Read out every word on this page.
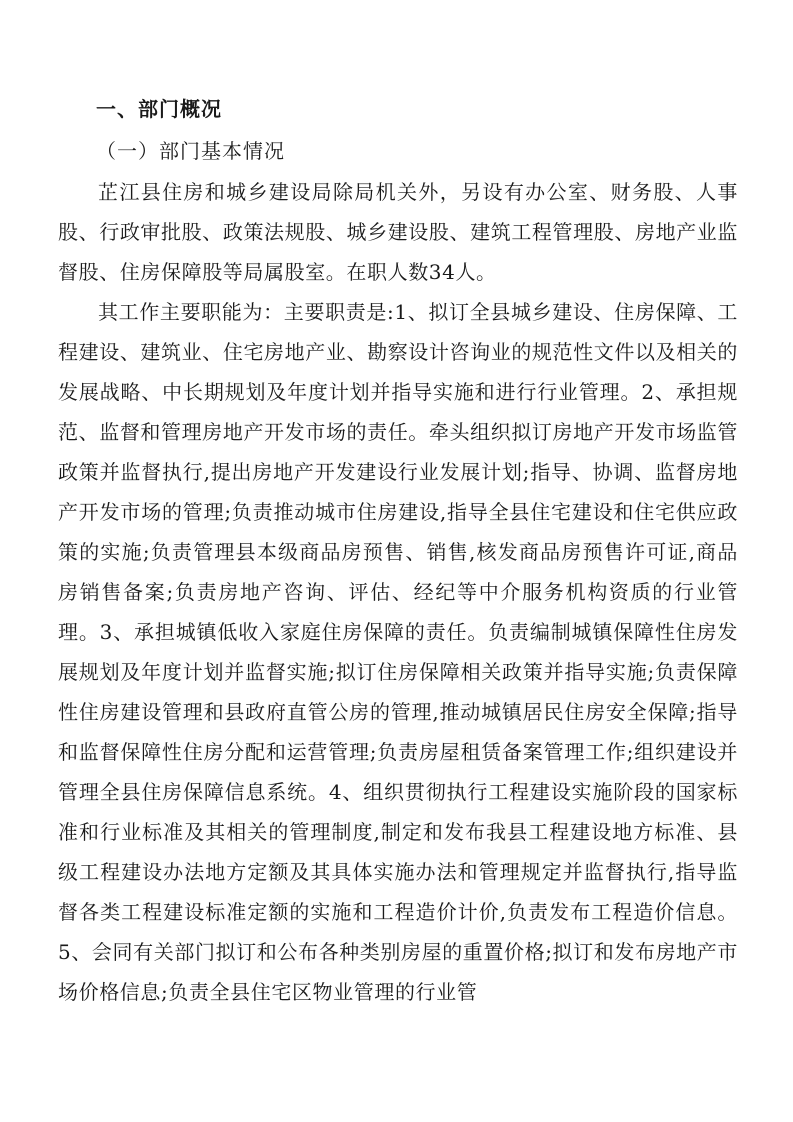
一、部门概况
（一）部门基本情况

芷江县住房和城乡建设局除局机关外，另设有办公室、财务股、人事股、行政审批股、政策法规股、城乡建设股、建筑工程管理股、房地产业监督股、住房保障股等局属股室。在职人数34人。

其工作主要职能为：主要职责是:1、拟订全县城乡建设、住房保障、工程建设、建筑业、住宅房地产业、勘察设计咨询业的规范性文件以及相关的发展战略、中长期规划及年度计划并指导实施和进行行业管理。2、承担规范、监督和管理房地产开发市场的责任。牵头组织拟订房地产开发市场监管政策并监督执行,提出房地产开发建设行业发展计划;指导、协调、监督房地产开发市场的管理;负责推动城市住房建设,指导全县住宅建设和住宅供应政策的实施;负责管理县本级商品房预售、销售,核发商品房预售许可证,商品房销售备案;负责房地产咨询、评估、经纪等中介服务机构资质的行业管理。3、承担城镇低收入家庭住房保障的责任。负责编制城镇保障性住房发展规划及年度计划并监督实施;拟订住房保障相关政策并指导实施;负责保障性住房建设管理和县政府直管公房的管理,推动城镇居民住房安全保障;指导和监督保障性住房分配和运营管理;负责房屋租赁备案管理工作;组织建设并管理全县住房保障信息系统。4、组织贯彻执行工程建设实施阶段的国家标准和行业标准及其相关的管理制度,制定和发布我县工程建设地方标准、县级工程建设办法地方定额及其具体实施办法和管理规定并监督执行,指导监督各类工程建设标准定额的实施和工程造价计价,负责发布工程造价信息。5、会同有关部门拟订和公布各种类别房屋的重置价格;拟订和发布房地产市场价格信息;负责全县住宅区物业管理的行业管
